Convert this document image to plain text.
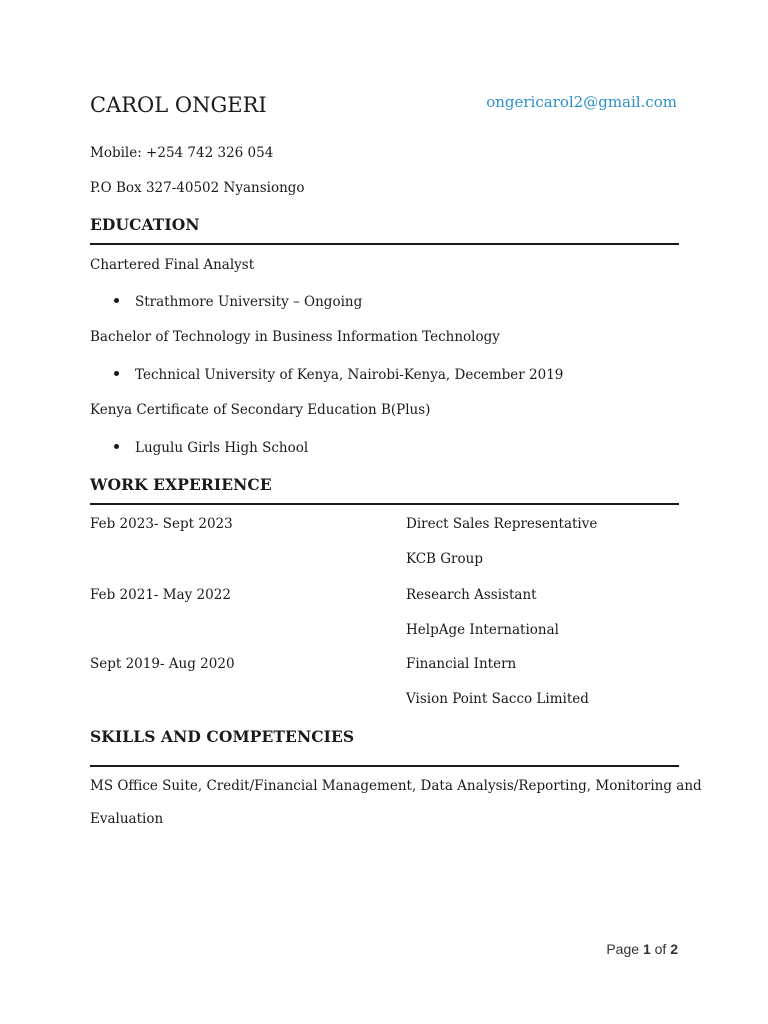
CAROL ONGERI	ongericarol2@gmail.com
Mobile: +254 742 326 054
P.O Box 327-40502 Nyansiongo
EDUCATION
Chartered Final Analyst
Strathmore University – Ongoing
Bachelor of Technology in Business Information Technology
Technical University of Kenya, Nairobi-Kenya, December 2019
Kenya Certificate of Secondary Education B(Plus)
Lugulu Girls High School
WORK EXPERIENCE
Feb 2023- Sept 2023	Direct Sales Representative
KCB Group
Feb 2021- May 2022	Research Assistant
HelpAge International
Sept 2019- Aug 2020	Financial Intern
Vision Point Sacco Limited
SKILLS AND COMPETENCIES
MS Office Suite, Credit/Financial Management, Data Analysis/Reporting, Monitoring and
Evaluation
Page 1 of 2
